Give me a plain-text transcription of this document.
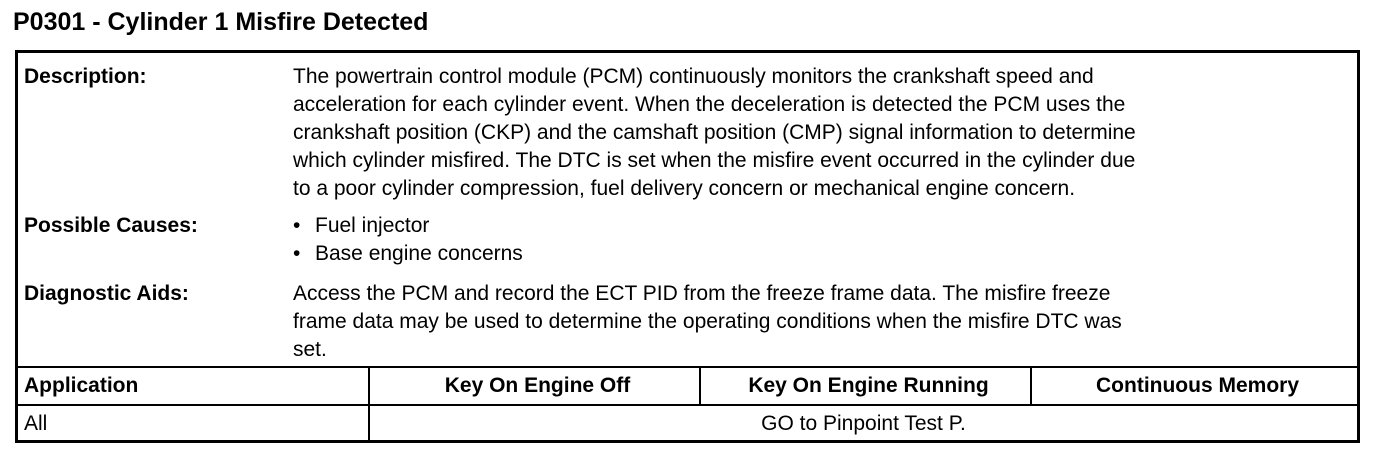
P0301 - Cylinder 1 Misfire Detected
Description:	The powertrain control module (PCM) continuously monitors the crankshaft speed and
acceleration for each cylinder event. When the deceleration is detected the PCM uses the
crankshaft position (CKP) and the camshaft position (CMP) signal information to determine
which cylinder misfired. The DTC is set when the misfire event occurred in the cylinder due
to a poor cylinder compression, fuel delivery concern or mechanical engine concern.
Possible Causes:	• Fuel injector
• Base engine concerns
Diagnostic Aids:	Access the PCM and record the ECT PID from the freeze frame data. The misfire freeze
frame data may be used to determine the operating conditions when the misfire DTC was
set.
Application	Key On Engine Off	Key On Engine Running	Continuous Memory
All	GO to Pinpoint Test P.		
